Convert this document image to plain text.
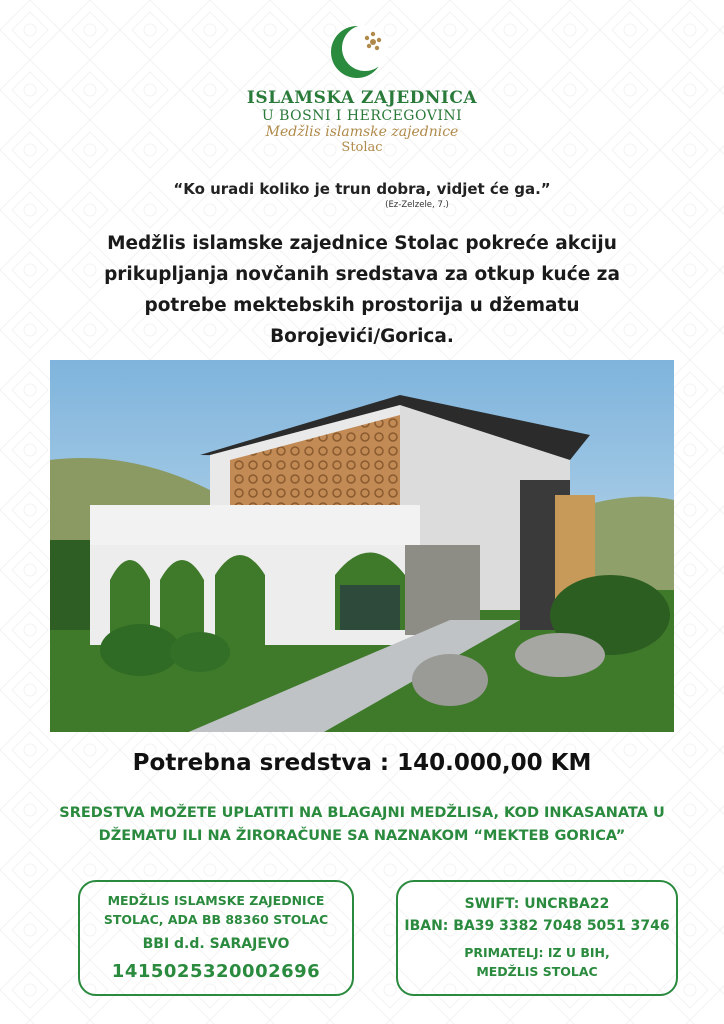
ISLAMSKA ZAJEDNICA
U BOSNI I HERCEGOVINI
Medžlis islamske zajednice
Stolac
“Ko uradi koliko je trun dobra, vidjet će ga.”
(Ez-Zelzele, 7.)
Medžlis islamske zajednice Stolac pokreće akciju
prikupljanja novčanih sredstava za otkup kuće za
potrebe mektebskih prostorija u džematu
Borojevići/Gorica.
Potrebna sredstva : 140.000,00 KM
SREDSTVA MOŽETE UPLATITI NA BLAGAJNI MEDŽLISA, KOD INKASANATA U
DŽEMATU ILI NA ŽIRORAČUNE SA NAZNAKOM “MEKTEB GORICA”
MEDŽLIS ISLAMSKE ZAJEDNICE
STOLAC, ADA BB 88360 STOLAC
BBI d.d. SARAJEVO
1415025320002696
SWIFT: UNCRBA22
IBAN: BA39 3382 7048 5051 3746
PRIMATELJ: IZ U BIH,
MEDŽLIS STOLAC
